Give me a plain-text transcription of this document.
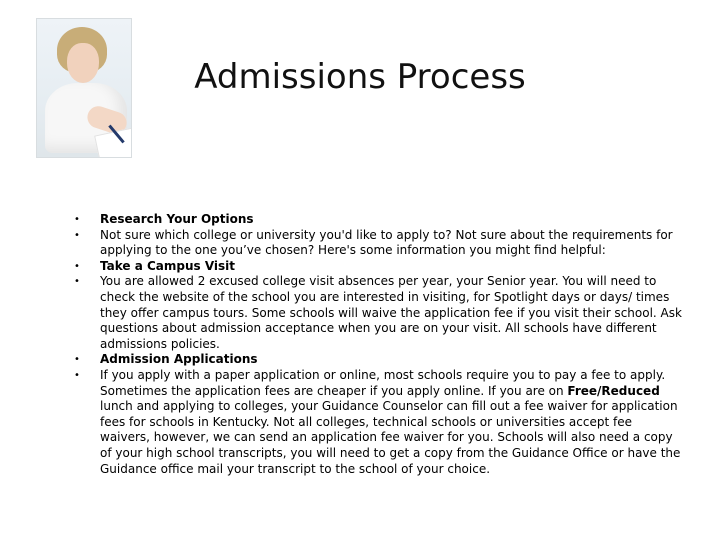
Admissions Process
•	Research Your Options
•	Not sure which college or university you'd like to apply to? Not sure about the requirements for applying to the one you’ve chosen? Here's some information you might find helpful:
•	Take a Campus Visit
•	You are allowed 2 excused college visit absences per year, your Senior year. You will need to check the website of the school you are interested in visiting, for Spotlight days or days/ times they offer campus tours. Some schools will waive the application fee if you visit their school. Ask questions about admission acceptance when you are on your visit. All schools have different admissions policies.
•	Admission Applications
•	If you apply with a paper application or online, most schools require you to pay a fee to apply. Sometimes the application fees are cheaper if you apply online. If you are on Free/Reduced lunch and applying to colleges, your Guidance Counselor can fill out a fee waiver for application fees for schools in Kentucky. Not all colleges, technical schools or universities accept fee waivers, however, we can send an application fee waiver for you. Schools will also need a copy of your high school transcripts, you will need to get a copy from the Guidance Office or have the Guidance office mail your transcript to the school of your choice.
